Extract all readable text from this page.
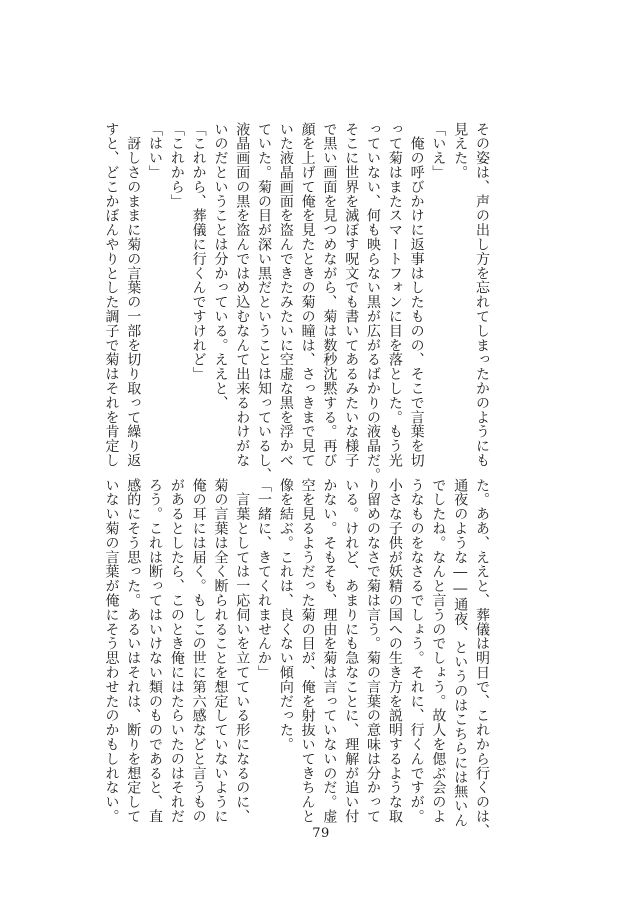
その姿は、声の出し方を忘れてしまったかのようにも
見えた。
「いえ」
　俺の呼びかけに返事はしたものの、そこで言葉を切
って菊はまたスマートフォンに目を落とした。もう光
っていない、何も映らない黒が広がるばかりの液晶だ。
そこに世界を滅ぼす呪文でも書いてあるみたいな様子
で黒い画面を見つめながら、菊は数秒沈黙する。再び
顔を上げて俺を見たときの菊の瞳は、さっきまで見て
いた液晶画面を盗んできたみたいに空虚な黒を浮かべ
ていた。菊の目が深い黒だということは知っているし、
液晶画面の黒を盗んではめ込むなんて出来るわけがな
いのだということは分かっている。ええと、
「これから、葬儀に行くんですけれど」
「これから」
「はい」
　訝しさのままに菊の言葉の一部を切り取って繰り返
すと、どこかぼんやりとした調子で菊はそれを肯定し
た。ああ、ええと、葬儀は明日で、これから行くのは、
通夜のような――通夜、というのはこちらには無いん
でしたね。なんと言うのでしょう。故人を偲ぶ会のよ
うなものをなさるでしょう。それに、行くんですが。
小さな子供が妖精の国への生き方を説明するような取
り留めのなさで菊は言う。菊の言葉の意味は分かって
いる。けれど、あまりにも急なことに、理解が追い付
かない。そもそも、理由を菊は言っていないのだ。虚
空を見るようだった菊の目が、俺を射抜いてきちんと
像を結ぶ。これは、良くない傾向だった。
「一緒に、きてくれませんか」
　言葉としては一応伺いを立てている形になるのに、
菊の言葉は全く断られることを想定していないように
俺の耳には届く。もしこの世に第六感などと言うもの
があるとしたら、このとき俺にはたらいたのはそれだ
ろう。これは断ってはいけない類のものであると、直
感的にそう思った。あるいはそれは、断りを想定して
いない菊の言葉が俺にそう思わせたのかもしれない。
79
